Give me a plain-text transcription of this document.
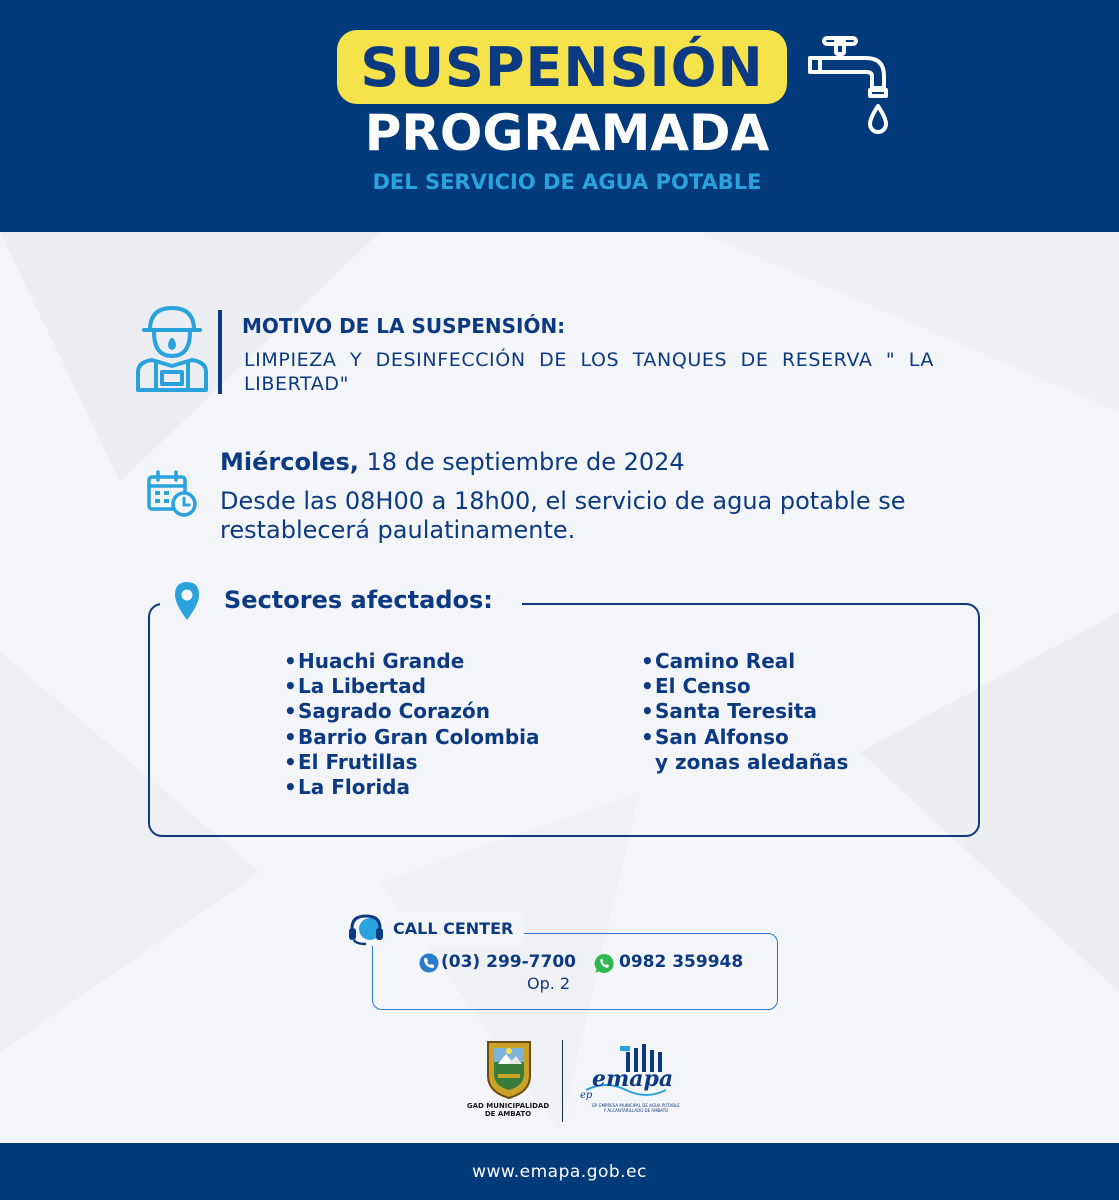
SUSPENSIÓN
PROGRAMADA
DEL SERVICIO DE AGUA POTABLE
MOTIVO DE LA SUSPENSIÓN:
LIMPIEZA Y DESINFECCIÓN DE LOS TANQUES DE RESERVA " LA LIBERTAD"
Miércoles, 18 de septiembre de 2024
Desde las 08H00 a 18h00, el servicio de agua potable se restablecerá paulatinamente.
Sectores afectados:
•Huachi Grande
•La Libertad
•Sagrado Corazón
•Barrio Gran Colombia
•El Frutillas
•La Florida
•Camino Real
•El Censo
•Santa Teresita
•San Alfonso
y zonas aledañas
CALL CENTER
(03) 299-7700
Op. 2
0982 359948
GAD MUNICIPALIDAD
DE AMBATO
ep
emapa
EP. EMPRESA MUNICIPAL DE AGUA POTABLE
Y ALCANTARILLADO DE AMBATO
www.emapa.gob.ec
